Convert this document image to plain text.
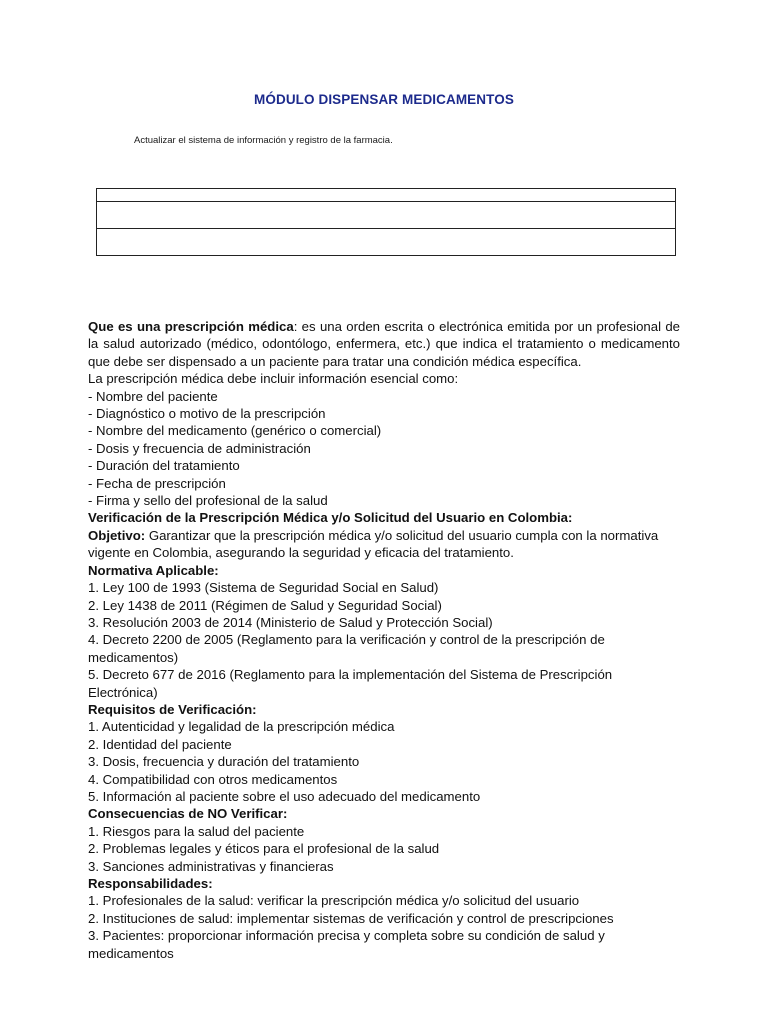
MÓDULO DISPENSAR MEDICAMENTOS
Actualizar el sistema de información y registro de la farmacia.

Que es una prescripción médica: es una orden escrita o electrónica emitida por un profesional de la salud autorizado (médico, odontólogo, enfermera, etc.) que indica el tratamiento o medicamento que debe ser dispensado a un paciente para tratar una condición médica específica.

La prescripción médica debe incluir información esencial como:

- Nombre del paciente

- Diagnóstico o motivo de la prescripción

- Nombre del medicamento (genérico o comercial)

- Dosis y frecuencia de administración

- Duración del tratamiento

- Fecha de prescripción

- Firma y sello del profesional de la salud

Verificación de la Prescripción Médica y/o Solicitud del Usuario en Colombia:

Objetivo: Garantizar que la prescripción médica y/o solicitud del usuario cumpla con la normativa vigente en Colombia, asegurando la seguridad y eficacia del tratamiento.

Normativa Aplicable:

1. Ley 100 de 1993 (Sistema de Seguridad Social en Salud)

2. Ley 1438 de 2011 (Régimen de Salud y Seguridad Social)

3. Resolución 2003 de 2014 (Ministerio de Salud y Protección Social)

4. Decreto 2200 de 2005 (Reglamento para la verificación y control de la prescripción de medicamentos)

5. Decreto 677 de 2016 (Reglamento para la implementación del Sistema de Prescripción Electrónica)

Requisitos de Verificación:

1. Autenticidad y legalidad de la prescripción médica

2. Identidad del paciente

3. Dosis, frecuencia y duración del tratamiento

4. Compatibilidad con otros medicamentos

5. Información al paciente sobre el uso adecuado del medicamento

Consecuencias de NO Verificar:

1. Riesgos para la salud del paciente

2. Problemas legales y éticos para el profesional de la salud

3. Sanciones administrativas y financieras

Responsabilidades:

1. Profesionales de la salud: verificar la prescripción médica y/o solicitud del usuario

2. Instituciones de salud: implementar sistemas de verificación y control de prescripciones

3. Pacientes: proporcionar información precisa y completa sobre su condición de salud y medicamentos
